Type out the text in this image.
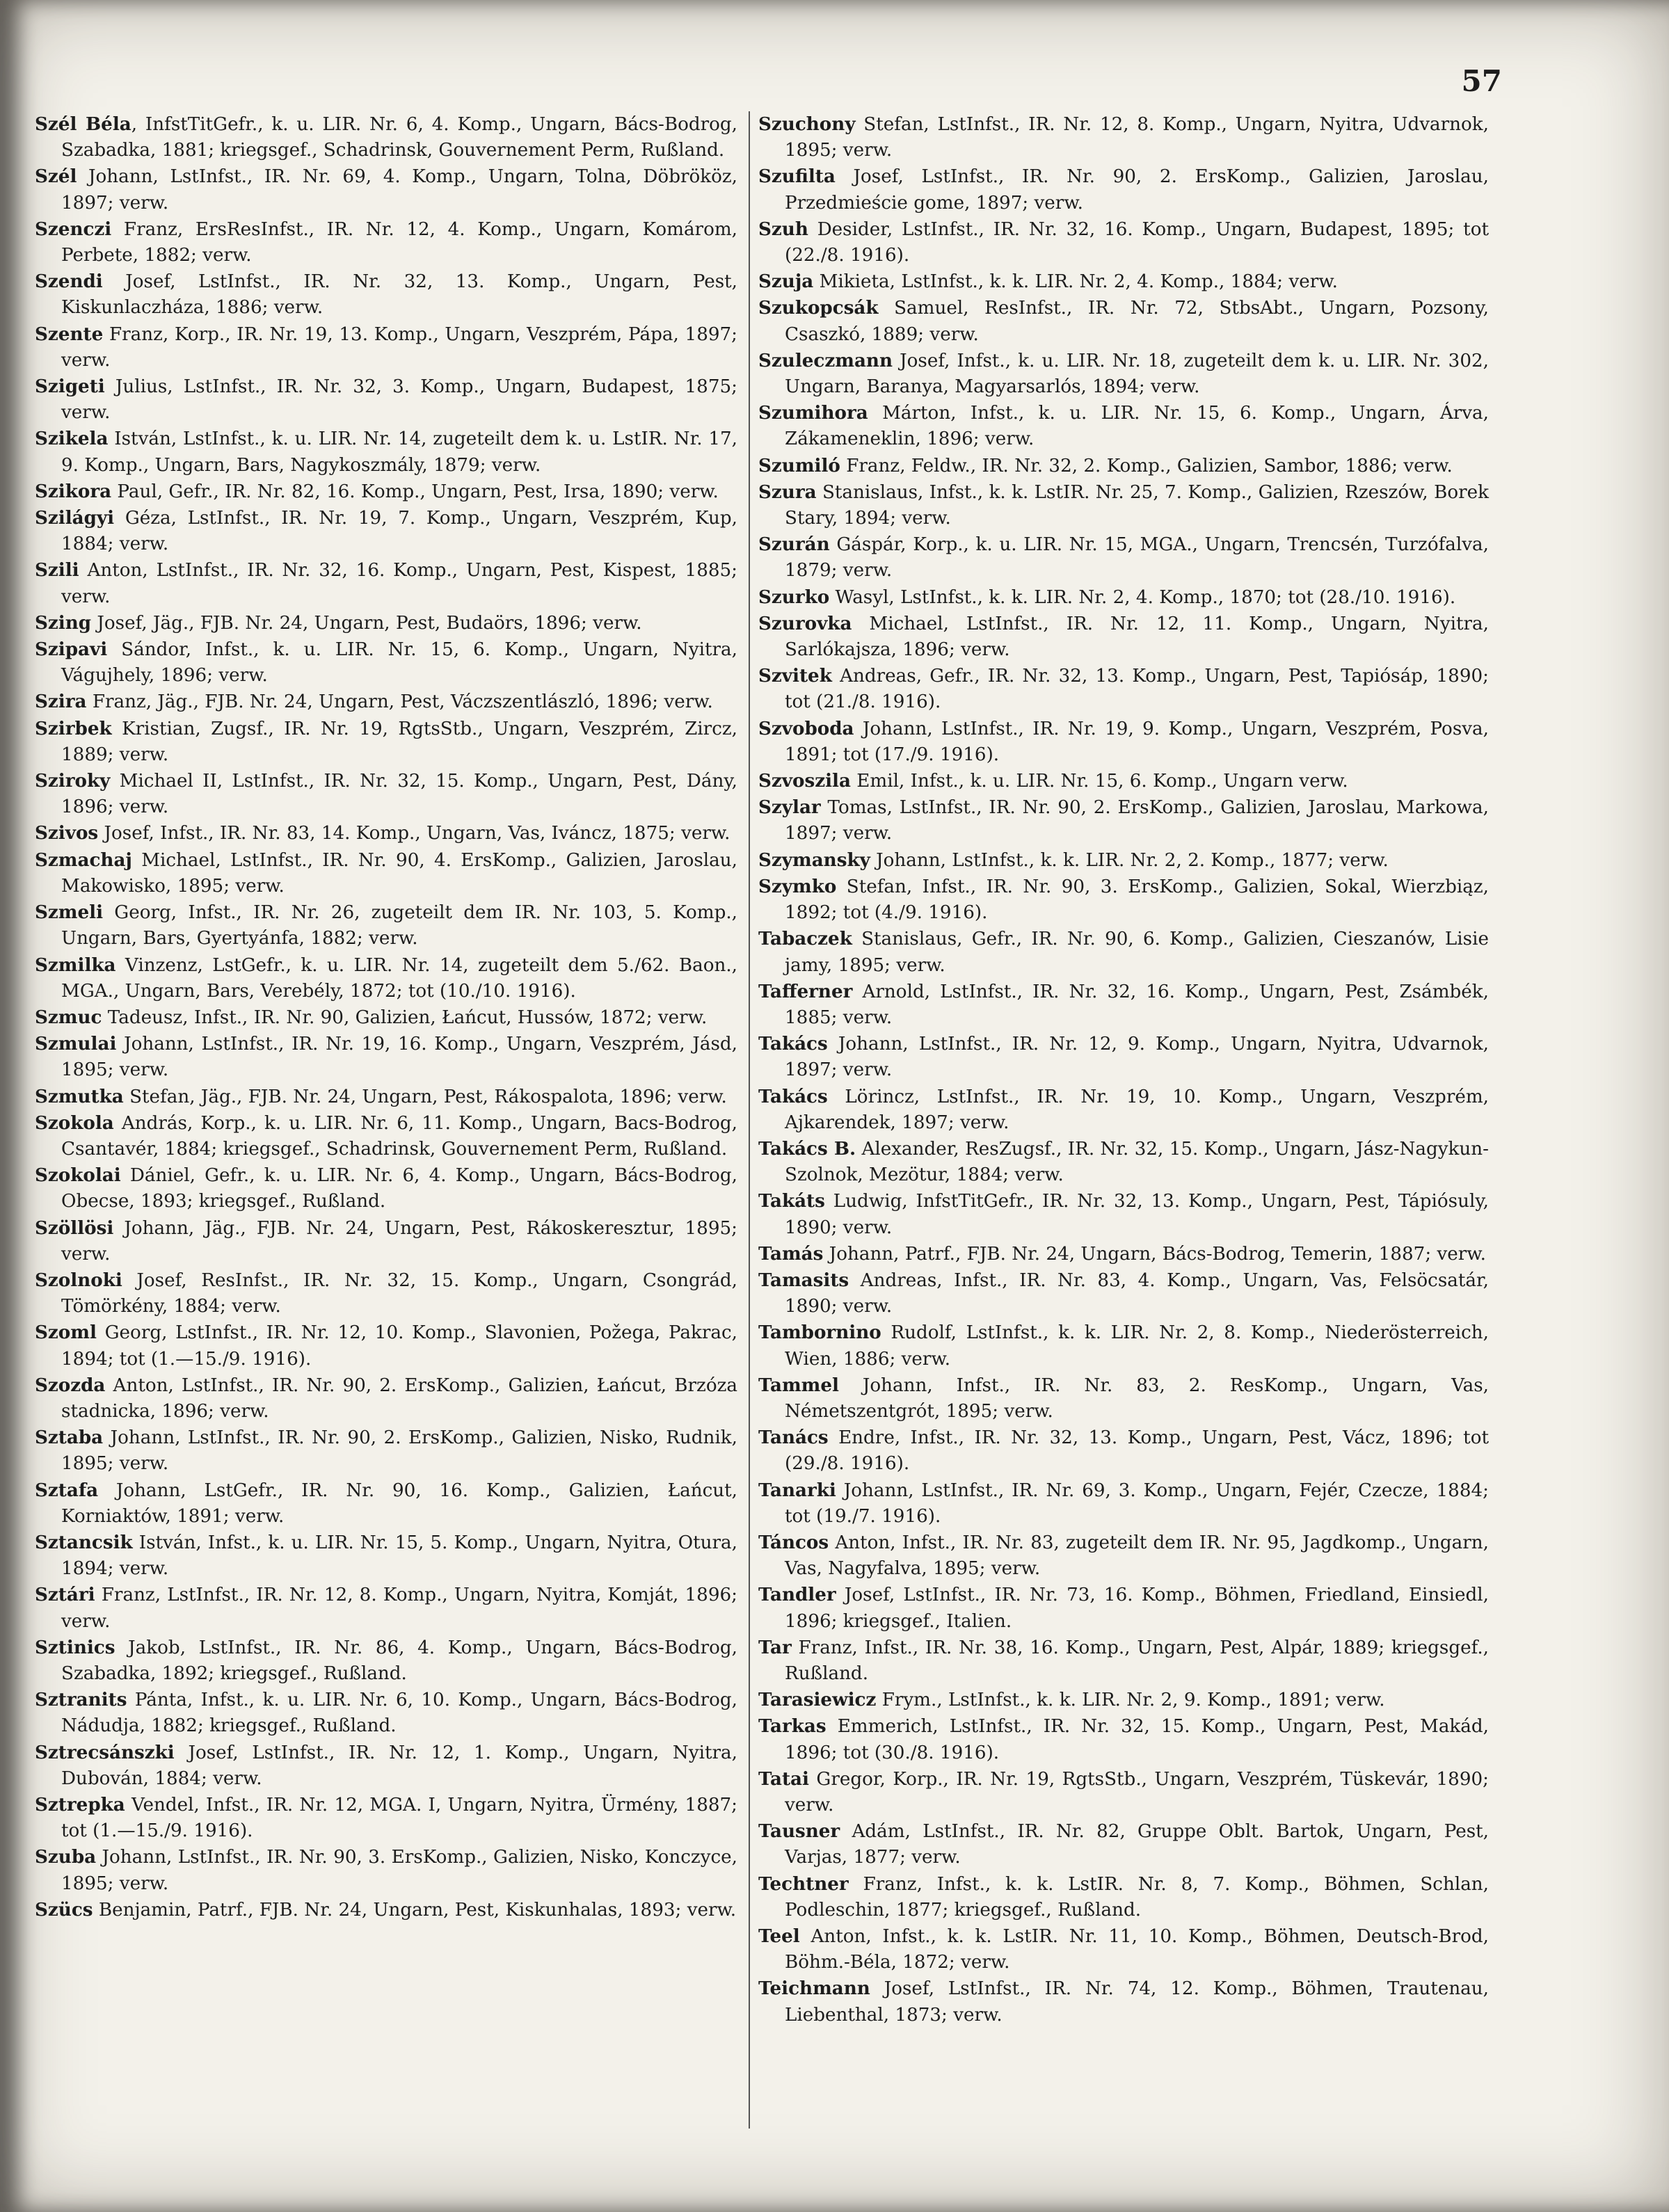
57

Szél Béla, InfstTitGefr., k. u. LIR. Nr. 6, 4. Komp., Ungarn, Bács-Bodrog, Szabadka, 1881; kriegsgef., Schadrinsk, Gouvernement Perm, Rußland.

Szél Johann, LstInfst., IR. Nr. 69, 4. Komp., Ungarn, Tolna, Döbrököz, 1897; verw.

Szenczi Franz, ErsResInfst., IR. Nr. 12, 4. Komp., Ungarn, Komárom, Perbete, 1882; verw.

Szendi Josef, LstInfst., IR. Nr. 32, 13. Komp., Ungarn, Pest, Kiskunlaczháza, 1886; verw.

Szente Franz, Korp., IR. Nr. 19, 13. Komp., Ungarn, Veszprém, Pápa, 1897; verw.

Szigeti Julius, LstInfst., IR. Nr. 32, 3. Komp., Ungarn, Budapest, 1875; verw.

Szikela István, LstInfst., k. u. LIR. Nr. 14, zugeteilt dem k. u. LstIR. Nr. 17, 9. Komp., Ungarn, Bars, Nagykoszmály, 1879; verw.

Szikora Paul, Gefr., IR. Nr. 82, 16. Komp., Ungarn, Pest, Irsa, 1890; verw.

Szilágyi Géza, LstInfst., IR. Nr. 19, 7. Komp., Ungarn, Veszprém, Kup, 1884; verw.

Szili Anton, LstInfst., IR. Nr. 32, 16. Komp., Ungarn, Pest, Kispest, 1885; verw.

Szing Josef, Jäg., FJB. Nr. 24, Ungarn, Pest, Budaörs, 1896; verw.

Szipavi Sándor, Infst., k. u. LIR. Nr. 15, 6. Komp., Ungarn, Nyitra, Vágujhely, 1896; verw.

Szira Franz, Jäg., FJB. Nr. 24, Ungarn, Pest, Váczszentlászló, 1896; verw.

Szirbek Kristian, Zugsf., IR. Nr. 19, RgtsStb., Ungarn, Veszprém, Zircz, 1889; verw.

Sziroky Michael II, LstInfst., IR. Nr. 32, 15. Komp., Ungarn, Pest, Dány, 1896; verw.

Szivos Josef, Infst., IR. Nr. 83, 14. Komp., Ungarn, Vas, Iváncz, 1875; verw.

Szmachaj Michael, LstInfst., IR. Nr. 90, 4. ErsKomp., Galizien, Jaroslau, Makowisko, 1895; verw.

Szmeli Georg, Infst., IR. Nr. 26, zugeteilt dem IR. Nr. 103, 5. Komp., Ungarn, Bars, Gyertyánfa, 1882; verw.

Szmilka Vinzenz, LstGefr., k. u. LIR. Nr. 14, zugeteilt dem 5./62. Baon., MGA., Ungarn, Bars, Verebély, 1872; tot (10./10. 1916).

Szmuc Tadeusz, Infst., IR. Nr. 90, Galizien, Łańcut, Hussów, 1872; verw.

Szmulai Johann, LstInfst., IR. Nr. 19, 16. Komp., Ungarn, Veszprém, Jásd, 1895; verw.

Szmutka Stefan, Jäg., FJB. Nr. 24, Ungarn, Pest, Rákospalota, 1896; verw.

Szokola András, Korp., k. u. LIR. Nr. 6, 11. Komp., Ungarn, Bacs-Bodrog, Csantavér, 1884; kriegsgef., Schadrinsk, Gouvernement Perm, Rußland.

Szokolai Dániel, Gefr., k. u. LIR. Nr. 6, 4. Komp., Ungarn, Bács-Bodrog, Obecse, 1893; kriegsgef., Rußland.

Szöllösi Johann, Jäg., FJB. Nr. 24, Ungarn, Pest, Rákoskeresztur, 1895; verw.

Szolnoki Josef, ResInfst., IR. Nr. 32, 15. Komp., Ungarn, Csongrád, Tömörkény, 1884; verw.

Szoml Georg, LstInfst., IR. Nr. 12, 10. Komp., Slavonien, Požega, Pakrac, 1894; tot (1.—15./9. 1916).

Szozda Anton, LstInfst., IR. Nr. 90, 2. ErsKomp., Galizien, Łańcut, Brzóza stadnicka, 1896; verw.

Sztaba Johann, LstInfst., IR. Nr. 90, 2. ErsKomp., Galizien, Nisko, Rudnik, 1895; verw.

Sztafa Johann, LstGefr., IR. Nr. 90, 16. Komp., Galizien, Łańcut, Korniaktów, 1891; verw.

Sztancsik István, Infst., k. u. LIR. Nr. 15, 5. Komp., Ungarn, Nyitra, Otura, 1894; verw.

Sztári Franz, LstInfst., IR. Nr. 12, 8. Komp., Ungarn, Nyitra, Komját, 1896; verw.

Sztinics Jakob, LstInfst., IR. Nr. 86, 4. Komp., Ungarn, Bács-Bodrog, Szabadka, 1892; kriegsgef., Rußland.

Sztranits Pánta, Infst., k. u. LIR. Nr. 6, 10. Komp., Ungarn, Bács-Bodrog, Nádudja, 1882; kriegsgef., Rußland.

Sztrecsánszki Josef, LstInfst., IR. Nr. 12, 1. Komp., Ungarn, Nyitra, Dubován, 1884; verw.

Sztrepka Vendel, Infst., IR. Nr. 12, MGA. I, Ungarn, Nyitra, Ürmény, 1887; tot (1.—15./9. 1916).

Szuba Johann, LstInfst., IR. Nr. 90, 3. ErsKomp., Galizien, Nisko, Konczyce, 1895; verw.

Szücs Benjamin, Patrf., FJB. Nr. 24, Ungarn, Pest, Kiskunhalas, 1893; verw.

Szuchony Stefan, LstInfst., IR. Nr. 12, 8. Komp., Ungarn, Nyitra, Udvarnok, 1895; verw.

Szufilta Josef, LstInfst., IR. Nr. 90, 2. ErsKomp., Galizien, Jaroslau, Przedmieście gome, 1897; verw.

Szuh Desider, LstInfst., IR. Nr. 32, 16. Komp., Ungarn, Budapest, 1895; tot (22./8. 1916).

Szuja Mikieta, LstInfst., k. k. LIR. Nr. 2, 4. Komp., 1884; verw.

Szukopcsák Samuel, ResInfst., IR. Nr. 72, StbsAbt., Ungarn, Pozsony, Csaszkó, 1889; verw.

Szuleczmann Josef, Infst., k. u. LIR. Nr. 18, zugeteilt dem k. u. LIR. Nr. 302, Ungarn, Baranya, Magyarsarlós, 1894; verw.

Szumihora Márton, Infst., k. u. LIR. Nr. 15, 6. Komp., Ungarn, Árva, Zákameneklin, 1896; verw.

Szumiló Franz, Feldw., IR. Nr. 32, 2. Komp., Galizien, Sambor, 1886; verw.

Szura Stanislaus, Infst., k. k. LstIR. Nr. 25, 7. Komp., Galizien, Rzeszów, Borek Stary, 1894; verw.

Szurán Gáspár, Korp., k. u. LIR. Nr. 15, MGA., Ungarn, Trencsén, Turzófalva, 1879; verw.

Szurko Wasyl, LstInfst., k. k. LIR. Nr. 2, 4. Komp., 1870; tot (28./10. 1916).

Szurovka Michael, LstInfst., IR. Nr. 12, 11. Komp., Ungarn, Nyitra, Sarlókajsza, 1896; verw.

Szvitek Andreas, Gefr., IR. Nr. 32, 13. Komp., Ungarn, Pest, Tapiósáp, 1890; tot (21./8. 1916).

Szvoboda Johann, LstInfst., IR. Nr. 19, 9. Komp., Ungarn, Veszprém, Posva, 1891; tot (17./9. 1916).

Szvoszila Emil, Infst., k. u. LIR. Nr. 15, 6. Komp., Ungarn verw.

Szylar Tomas, LstInfst., IR. Nr. 90, 2. ErsKomp., Galizien, Jaroslau, Markowa, 1897; verw.

Szymansky Johann, LstInfst., k. k. LIR. Nr. 2, 2. Komp., 1877; verw.

Szymko Stefan, Infst., IR. Nr. 90, 3. ErsKomp., Galizien, Sokal, Wierzbiąz, 1892; tot (4./9. 1916).

Tabaczek Stanislaus, Gefr., IR. Nr. 90, 6. Komp., Galizien, Cieszanów, Lisie jamy, 1895; verw.

Tafferner Arnold, LstInfst., IR. Nr. 32, 16. Komp., Ungarn, Pest, Zsámbék, 1885; verw.

Takács Johann, LstInfst., IR. Nr. 12, 9. Komp., Ungarn, Nyitra, Udvarnok, 1897; verw.

Takács Lörincz, LstInfst., IR. Nr. 19, 10. Komp., Ungarn, Veszprém, Ajkarendek, 1897; verw.

Takács B. Alexander, ResZugsf., IR. Nr. 32, 15. Komp., Ungarn, Jász-Nagykun-Szolnok, Mezötur, 1884; verw.

Takáts Ludwig, InfstTitGefr., IR. Nr. 32, 13. Komp., Ungarn, Pest, Tápiósuly, 1890; verw.

Tamás Johann, Patrf., FJB. Nr. 24, Ungarn, Bács-Bodrog, Temerin, 1887; verw.

Tamasits Andreas, Infst., IR. Nr. 83, 4. Komp., Ungarn, Vas, Felsöcsatár, 1890; verw.

Tambornino Rudolf, LstInfst., k. k. LIR. Nr. 2, 8. Komp., Niederösterreich, Wien, 1886; verw.

Tammel Johann, Infst., IR. Nr. 83, 2. ResKomp., Ungarn, Vas, Németszentgrót, 1895; verw.

Tanács Endre, Infst., IR. Nr. 32, 13. Komp., Ungarn, Pest, Vácz, 1896; tot (29./8. 1916).

Tanarki Johann, LstInfst., IR. Nr. 69, 3. Komp., Ungarn, Fejér, Czecze, 1884; tot (19./7. 1916).

Táncos Anton, Infst., IR. Nr. 83, zugeteilt dem IR. Nr. 95, Jagdkomp., Ungarn, Vas, Nagyfalva, 1895; verw.

Tandler Josef, LstInfst., IR. Nr. 73, 16. Komp., Böhmen, Friedland, Einsiedl, 1896; kriegsgef., Italien.

Tar Franz, Infst., IR. Nr. 38, 16. Komp., Ungarn, Pest, Alpár, 1889; kriegsgef., Rußland.

Tarasiewicz Frym., LstInfst., k. k. LIR. Nr. 2, 9. Komp., 1891; verw.

Tarkas Emmerich, LstInfst., IR. Nr. 32, 15. Komp., Ungarn, Pest, Makád, 1896; tot (30./8. 1916).

Tatai Gregor, Korp., IR. Nr. 19, RgtsStb., Ungarn, Veszprém, Tüskevár, 1890; verw.

Tausner Adám, LstInfst., IR. Nr. 82, Gruppe Oblt. Bartok, Ungarn, Pest, Varjas, 1877; verw.

Techtner Franz, Infst., k. k. LstIR. Nr. 8, 7. Komp., Böhmen, Schlan, Podleschin, 1877; kriegsgef., Rußland.

Teel Anton, Infst., k. k. LstIR. Nr. 11, 10. Komp., Böhmen, Deutsch-Brod, Böhm.-Béla, 1872; verw.

Teichmann Josef, LstInfst., IR. Nr. 74, 12. Komp., Böhmen, Trautenau, Liebenthal, 1873; verw.
